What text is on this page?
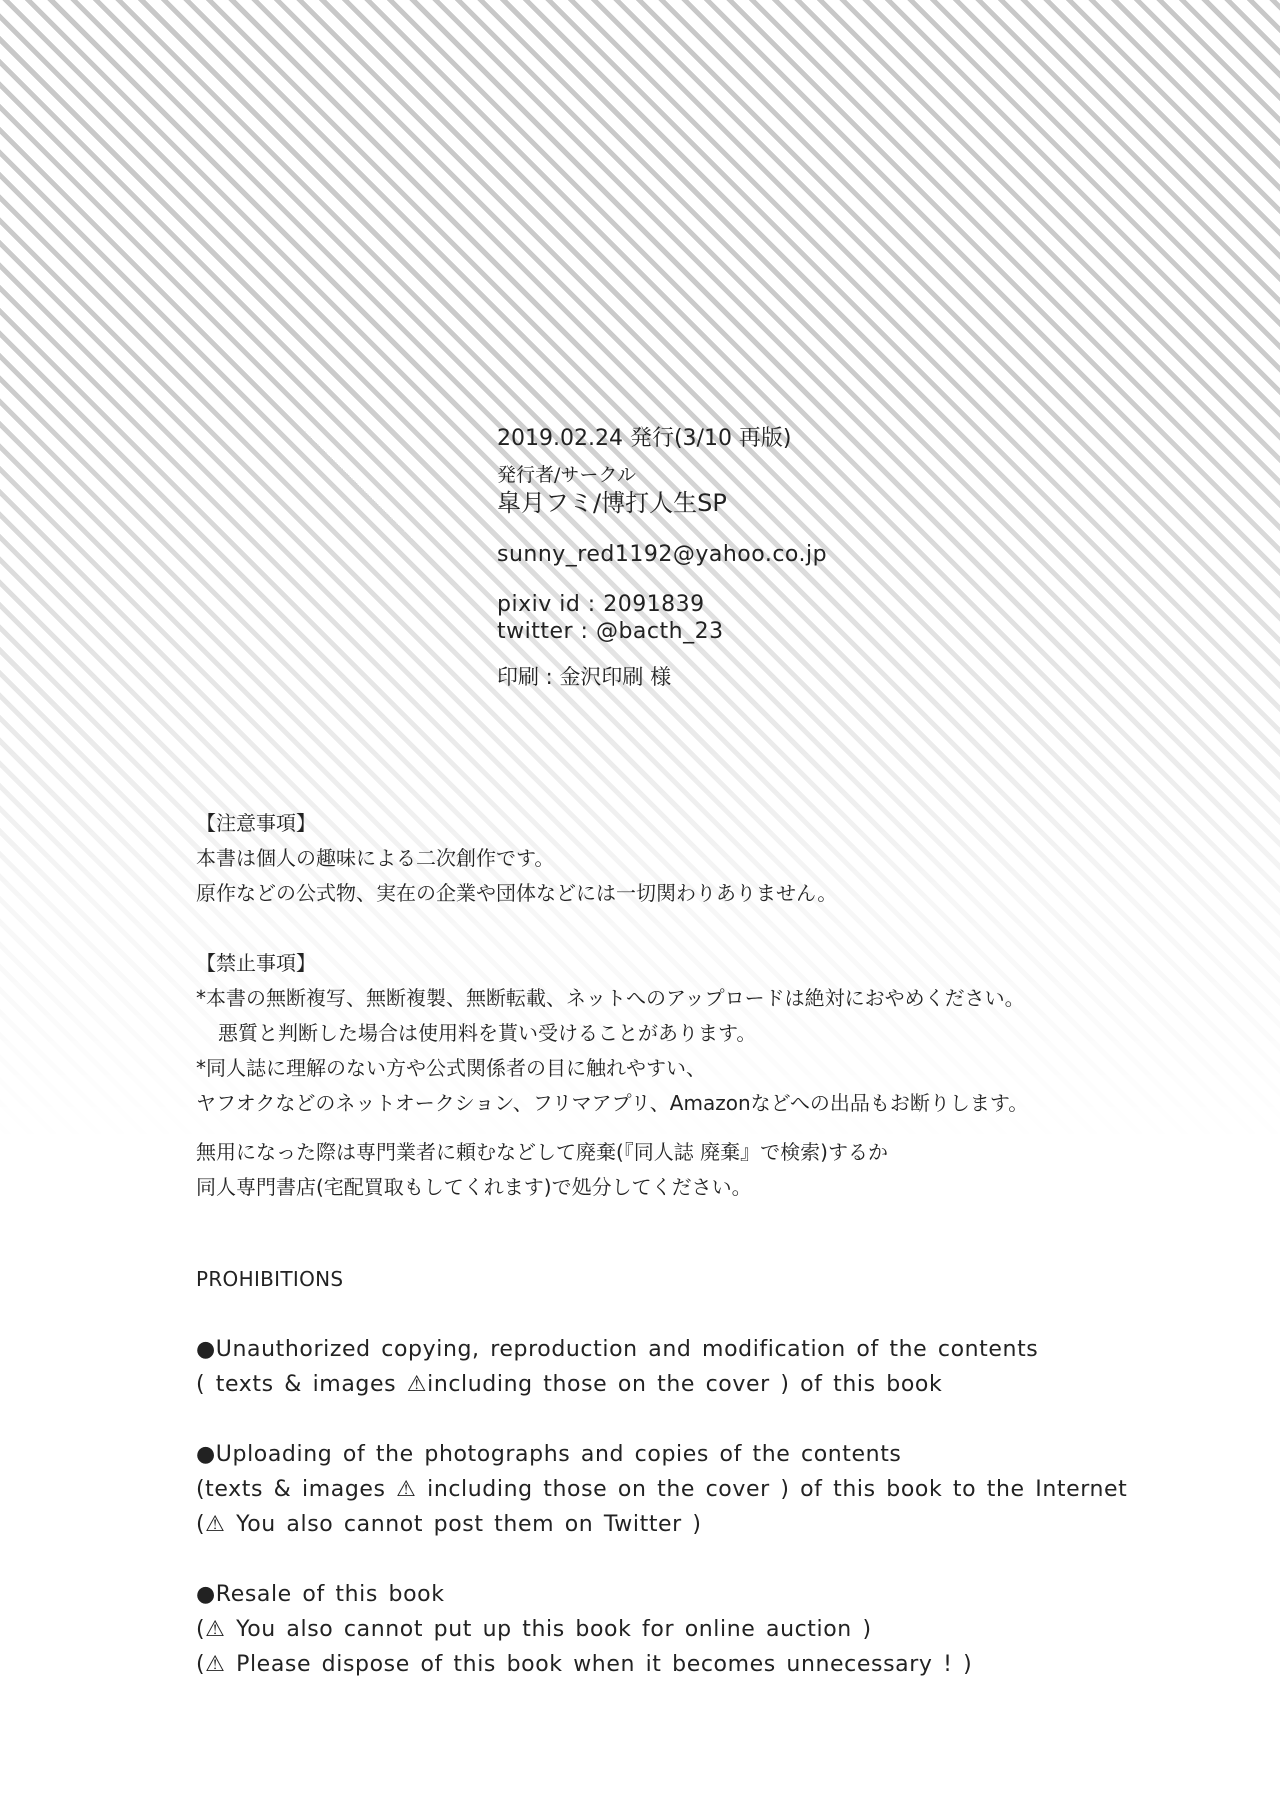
2019.02.24 発行(3/10 再版)
発行者/サークル
皐月フミ/博打人生SP
sunny_red1192@yahoo.co.jp
pixiv id : 2091839
twitter : @bacth_23
印刷 : 金沢印刷 様
【注意事項】
本書は個人の趣味による二次創作です。
原作などの公式物、実在の企業や団体などには一切関わりありません。
【禁止事項】
*本書の無断複写、無断複製、無断転載、ネットへのアップロードは絶対におやめください。
悪質と判断した場合は使用料を貰い受けることがあります。
*同人誌に理解のない方や公式関係者の目に触れやすい、
ヤフオクなどのネットオークション、フリマアプリ、Amazonなどへの出品もお断りします。
無用になった際は専門業者に頼むなどして廃棄(『同人誌 廃棄』で検索)するか
同人専門書店(宅配買取もしてくれます)で処分してください。
PROHIBITIONS
●Unauthorized copying, reproduction and modification of the contents
( texts & images ⚠including those on the cover ) of this book
●Uploading of the photographs and copies of the contents
(texts & images ⚠ including those on the cover ) of this book to the Internet
(⚠ You also cannot post them on Twitter )
●Resale of this book
(⚠ You also cannot put up this book for online auction )
(⚠ Please dispose of this book when it becomes unnecessary ! )
